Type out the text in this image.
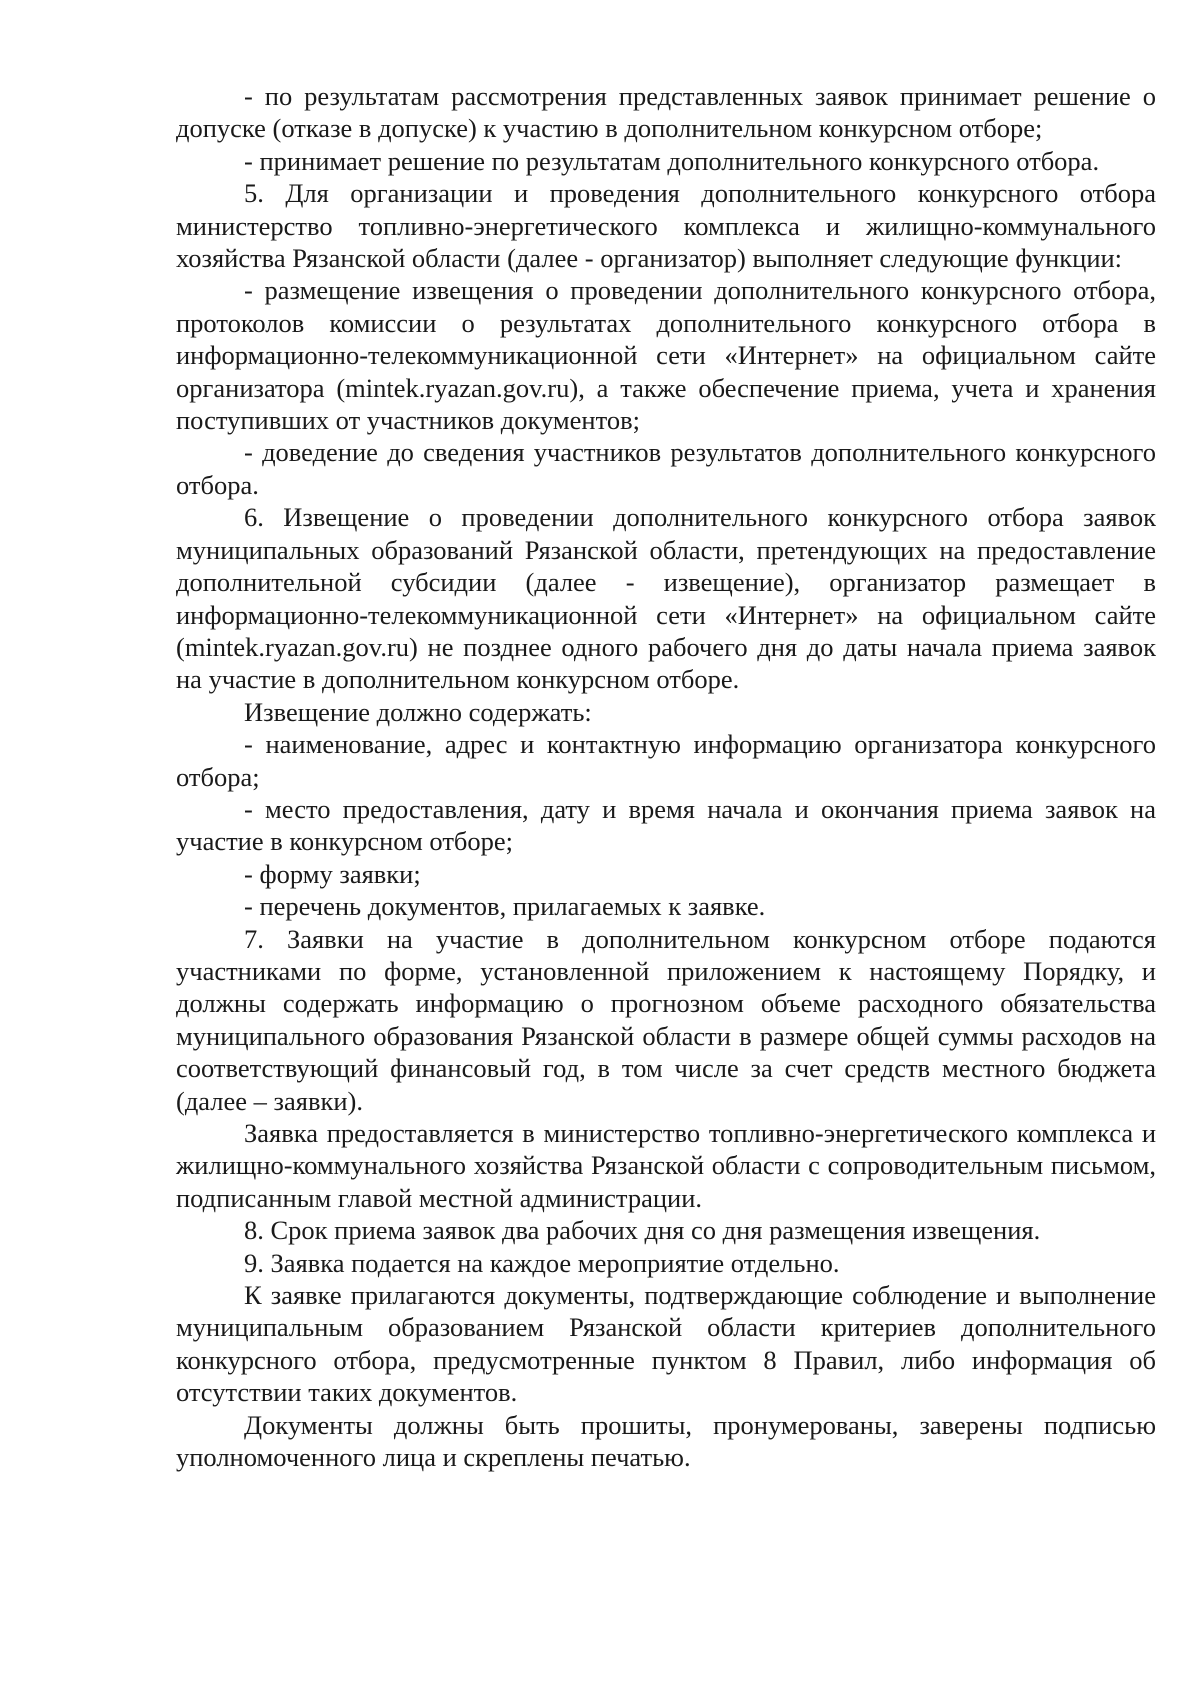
- по результатам рассмотрения представленных заявок принимает решение о допуске (отказе в допуске) к участию в дополнительном конкурсном отборе;

- принимает решение по результатам дополнительного конкурсного отбора.

5. Для организации и проведения дополнительного конкурсного отбора министерство топливно-энергетического комплекса и жилищно-коммунального хозяйства Рязанской области (далее - организатор) выполняет следующие функции:

- размещение извещения о проведении дополнительного конкурсного отбора, протоколов комиссии о результатах дополнительного конкурсного отбора в информационно-телекоммуникационной сети «Интернет» на официальном сайте организатора (mintek.ryazan.gov.ru), а также обеспечение приема, учета и хранения поступивших от участников документов;

- доведение до сведения участников результатов дополнительного конкурсного отбора.

6. Извещение о проведении дополнительного конкурсного отбора заявок муниципальных образований Рязанской области, претендующих на предоставление дополнительной субсидии (далее - извещение), организатор размещает в информационно-телекоммуникационной сети «Интернет» на официальном сайте (mintek.ryazan.gov.ru) не позднее одного рабочего дня до даты начала приема заявок на участие в дополнительном конкурсном отборе.

Извещение должно содержать:

- наименование, адрес и контактную информацию организатора конкурсного отбора;

- место предоставления, дату и время начала и окончания приема заявок на участие в конкурсном отборе;

- форму заявки;

- перечень документов, прилагаемых к заявке.

7. Заявки на участие в дополнительном конкурсном отборе подаются участниками по форме, установленной приложением к настоящему Порядку, и должны содержать информацию о прогнозном объеме расходного обязательства муниципального образования Рязанской области в размере общей суммы расходов на соответствующий финансовый год, в том числе за счет средств местного бюджета (далее – заявки).

Заявка предоставляется в министерство топливно-энергетического комплекса и жилищно-коммунального хозяйства Рязанской области с сопроводительным письмом, подписанным главой местной администрации.

8. Срок приема заявок два рабочих дня со дня размещения извещения.

9. Заявка подается на каждое мероприятие отдельно.

К заявке прилагаются документы, подтверждающие соблюдение и выполнение муниципальным образованием Рязанской области критериев дополнительного конкурсного отбора, предусмотренные пунктом 8 Правил, либо информация об отсутствии таких документов.

Документы должны быть прошиты, пронумерованы, заверены подписью уполномоченного лица и скреплены печатью.
